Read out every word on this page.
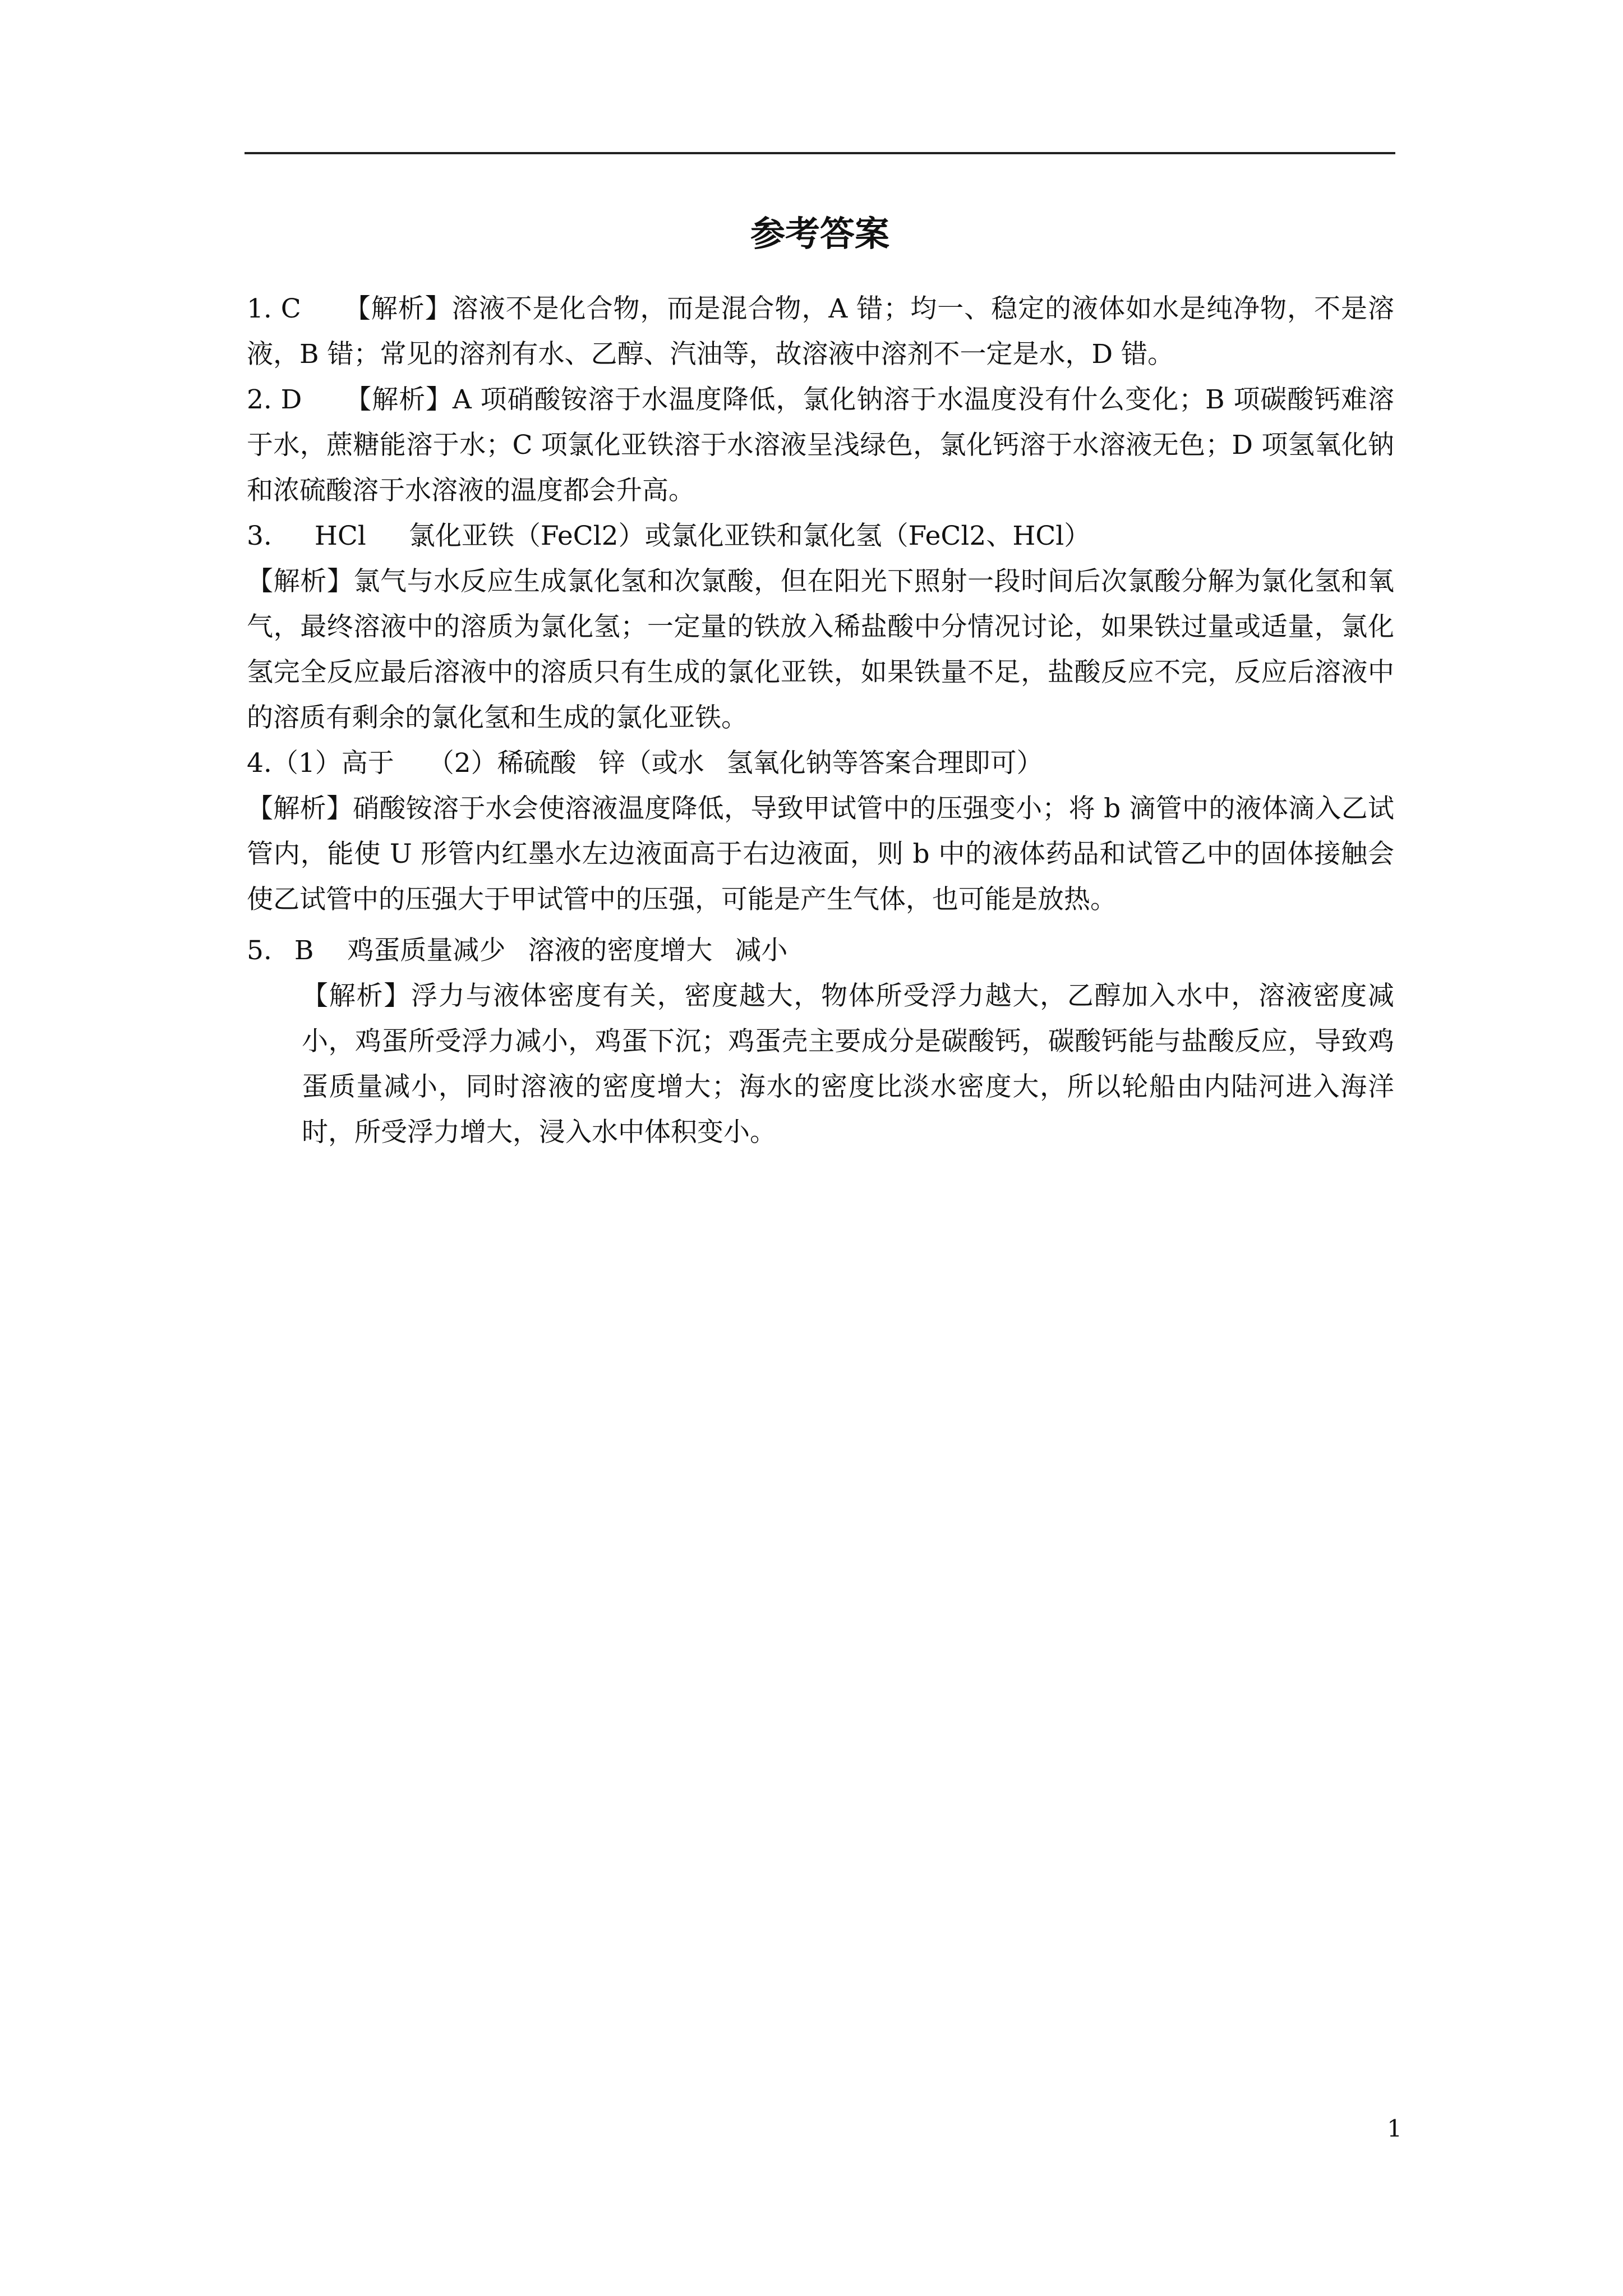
参考答案

1. C 【解析】溶液不是化合物，而是混合物，A 错；均一、稳定的液体如水是纯净物，不是溶液，B 错；常见的溶剂有水、乙醇、汽油等，故溶液中溶剂不一定是水，D 错。

2. D 【解析】A 项硝酸铵溶于水温度降低，氯化钠溶于水温度没有什么变化；B 项碳酸钙难溶于水，蔗糖能溶于水；C 项氯化亚铁溶于水溶液呈浅绿色，氯化钙溶于水溶液无色；D 项氢氧化钠和浓硫酸溶于水溶液的温度都会升高。

3. HCl 氯化亚铁（FeCl2）或氯化亚铁和氯化氢（FeCl2、HCl）

【解析】氯气与水反应生成氯化氢和次氯酸，但在阳光下照射一段时间后次氯酸分解为氯化氢和氧气，最终溶液中的溶质为氯化氢；一定量的铁放入稀盐酸中分情况讨论，如果铁过量或适量，氯化氢完全反应最后溶液中的溶质只有生成的氯化亚铁，如果铁量不足，盐酸反应不完，反应后溶液中的溶质有剩余的氯化氢和生成的氯化亚铁。

4.（1）高于 （2）稀硫酸 锌（或水 氢氧化钠等答案合理即可）

【解析】硝酸铵溶于水会使溶液温度降低，导致甲试管中的压强变小；将 b 滴管中的液体滴入乙试管内，能使 U 形管内红墨水左边液面高于右边液面，则 b 中的液体药品和试管乙中的固体接触会使乙试管中的压强大于甲试管中的压强，可能是产生气体，也可能是放热。

5. B 鸡蛋质量减少 溶液的密度增大 减小

【解析】浮力与液体密度有关，密度越大，物体所受浮力越大，乙醇加入水中，溶液密度减小，鸡蛋所受浮力减小，鸡蛋下沉；鸡蛋壳主要成分是碳酸钙，碳酸钙能与盐酸反应，导致鸡蛋质量减小，同时溶液的密度增大；海水的密度比淡水密度大，所以轮船由内陆河进入海洋时，所受浮力增大，浸入水中体积变小。

1
